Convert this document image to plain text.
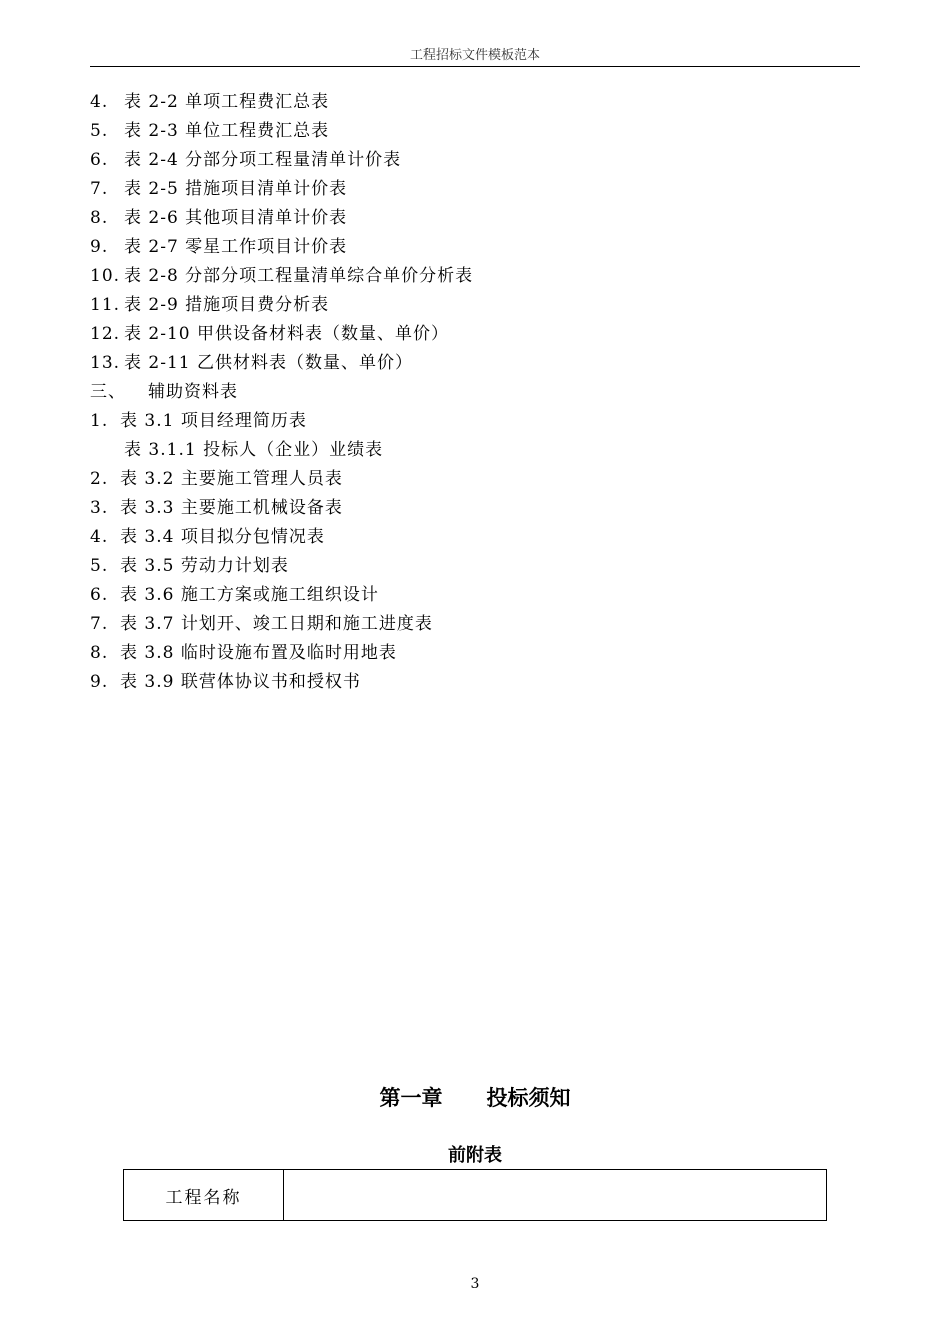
工程招标文件模板范本
4. 表 2-2 单项工程费汇总表
5. 表 2-3 单位工程费汇总表
6. 表 2-4 分部分项工程量清单计价表
7. 表 2-5 措施项目清单计价表
8. 表 2-6 其他项目清单计价表
9. 表 2-7 零星工作项目计价表
10. 表 2-8 分部分项工程量清单综合单价分析表
11. 表 2-9 措施项目费分析表
12. 表 2-10 甲供设备材料表（数量、单价）
13. 表 2-11 乙供材料表（数量、单价）
三、 辅助资料表
1. 表 3.1 项目经理简历表
表 3.1.1 投标人（企业）业绩表
2. 表 3.2 主要施工管理人员表
3. 表 3.3 主要施工机械设备表
4. 表 3.4 项目拟分包情况表
5. 表 3.5 劳动力计划表
6. 表 3.6 施工方案或施工组织设计
7. 表 3.7 计划开、竣工日期和施工进度表
8. 表 3.8 临时设施布置及临时用地表
9. 表 3.9 联营体协议书和授权书
第一章 投标须知
前附表
工程名称	
3
